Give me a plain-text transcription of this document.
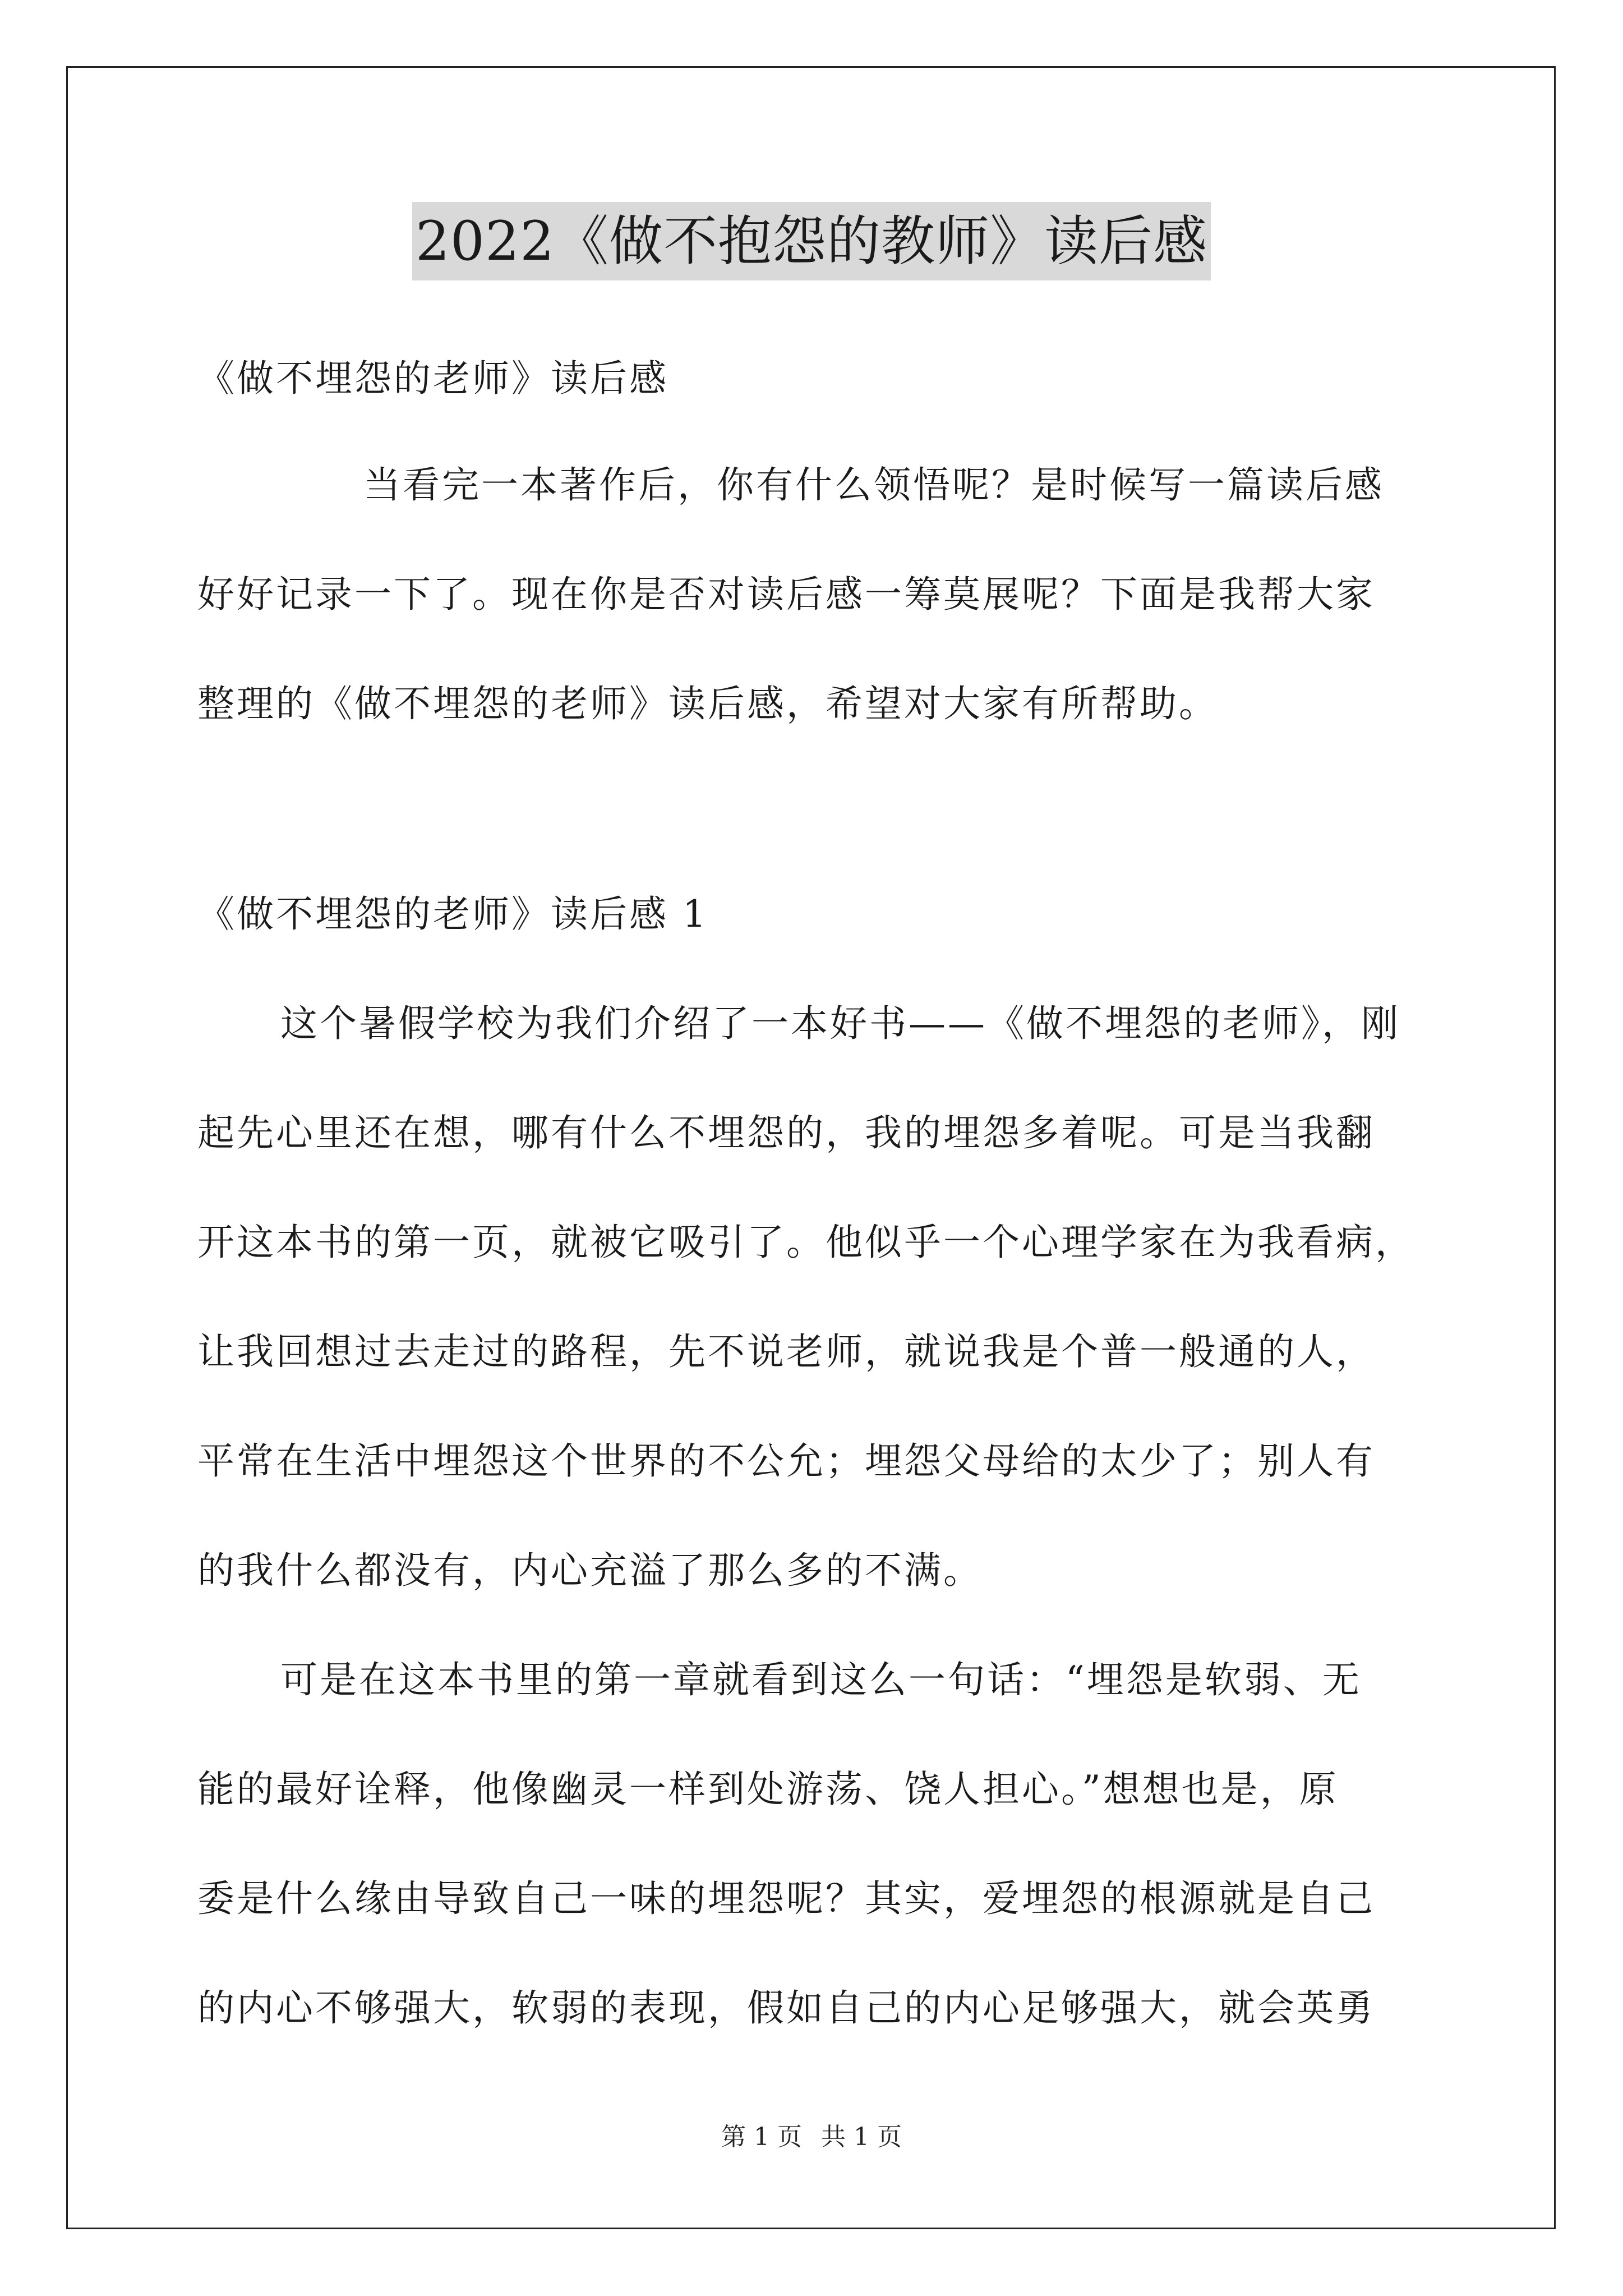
2022《做不抱怨的教师》读后感
《做不埋怨的老师》读后感
当看完一本著作后，你有什么领悟呢？是时候写一篇读后感
好好记录一下了。现在你是否对读后感一筹莫展呢？下面是我帮大家
整理的《做不埋怨的老师》读后感，希望对大家有所帮助。
《做不埋怨的老师》读后感 1
这个暑假学校为我们介绍了一本好书——《做不埋怨的老师》，刚
起先心里还在想，哪有什么不埋怨的，我的埋怨多着呢。可是当我翻
开这本书的第一页，就被它吸引了。他似乎一个心理学家在为我看病，
让我回想过去走过的路程，先不说老师，就说我是个普一般通的人，
平常在生活中埋怨这个世界的不公允；埋怨父母给的太少了；别人有
的我什么都没有，内心充溢了那么多的不满。
可是在这本书里的第一章就看到这么一句话：“埋怨是软弱、无
能的最好诠释，他像幽灵一样到处游荡、饶人担心。”想想也是，原
委是什么缘由导致自己一味的埋怨呢？其实，爱埋怨的根源就是自己
的内心不够强大，软弱的表现，假如自己的内心足够强大，就会英勇
第 1 页 共 1 页
